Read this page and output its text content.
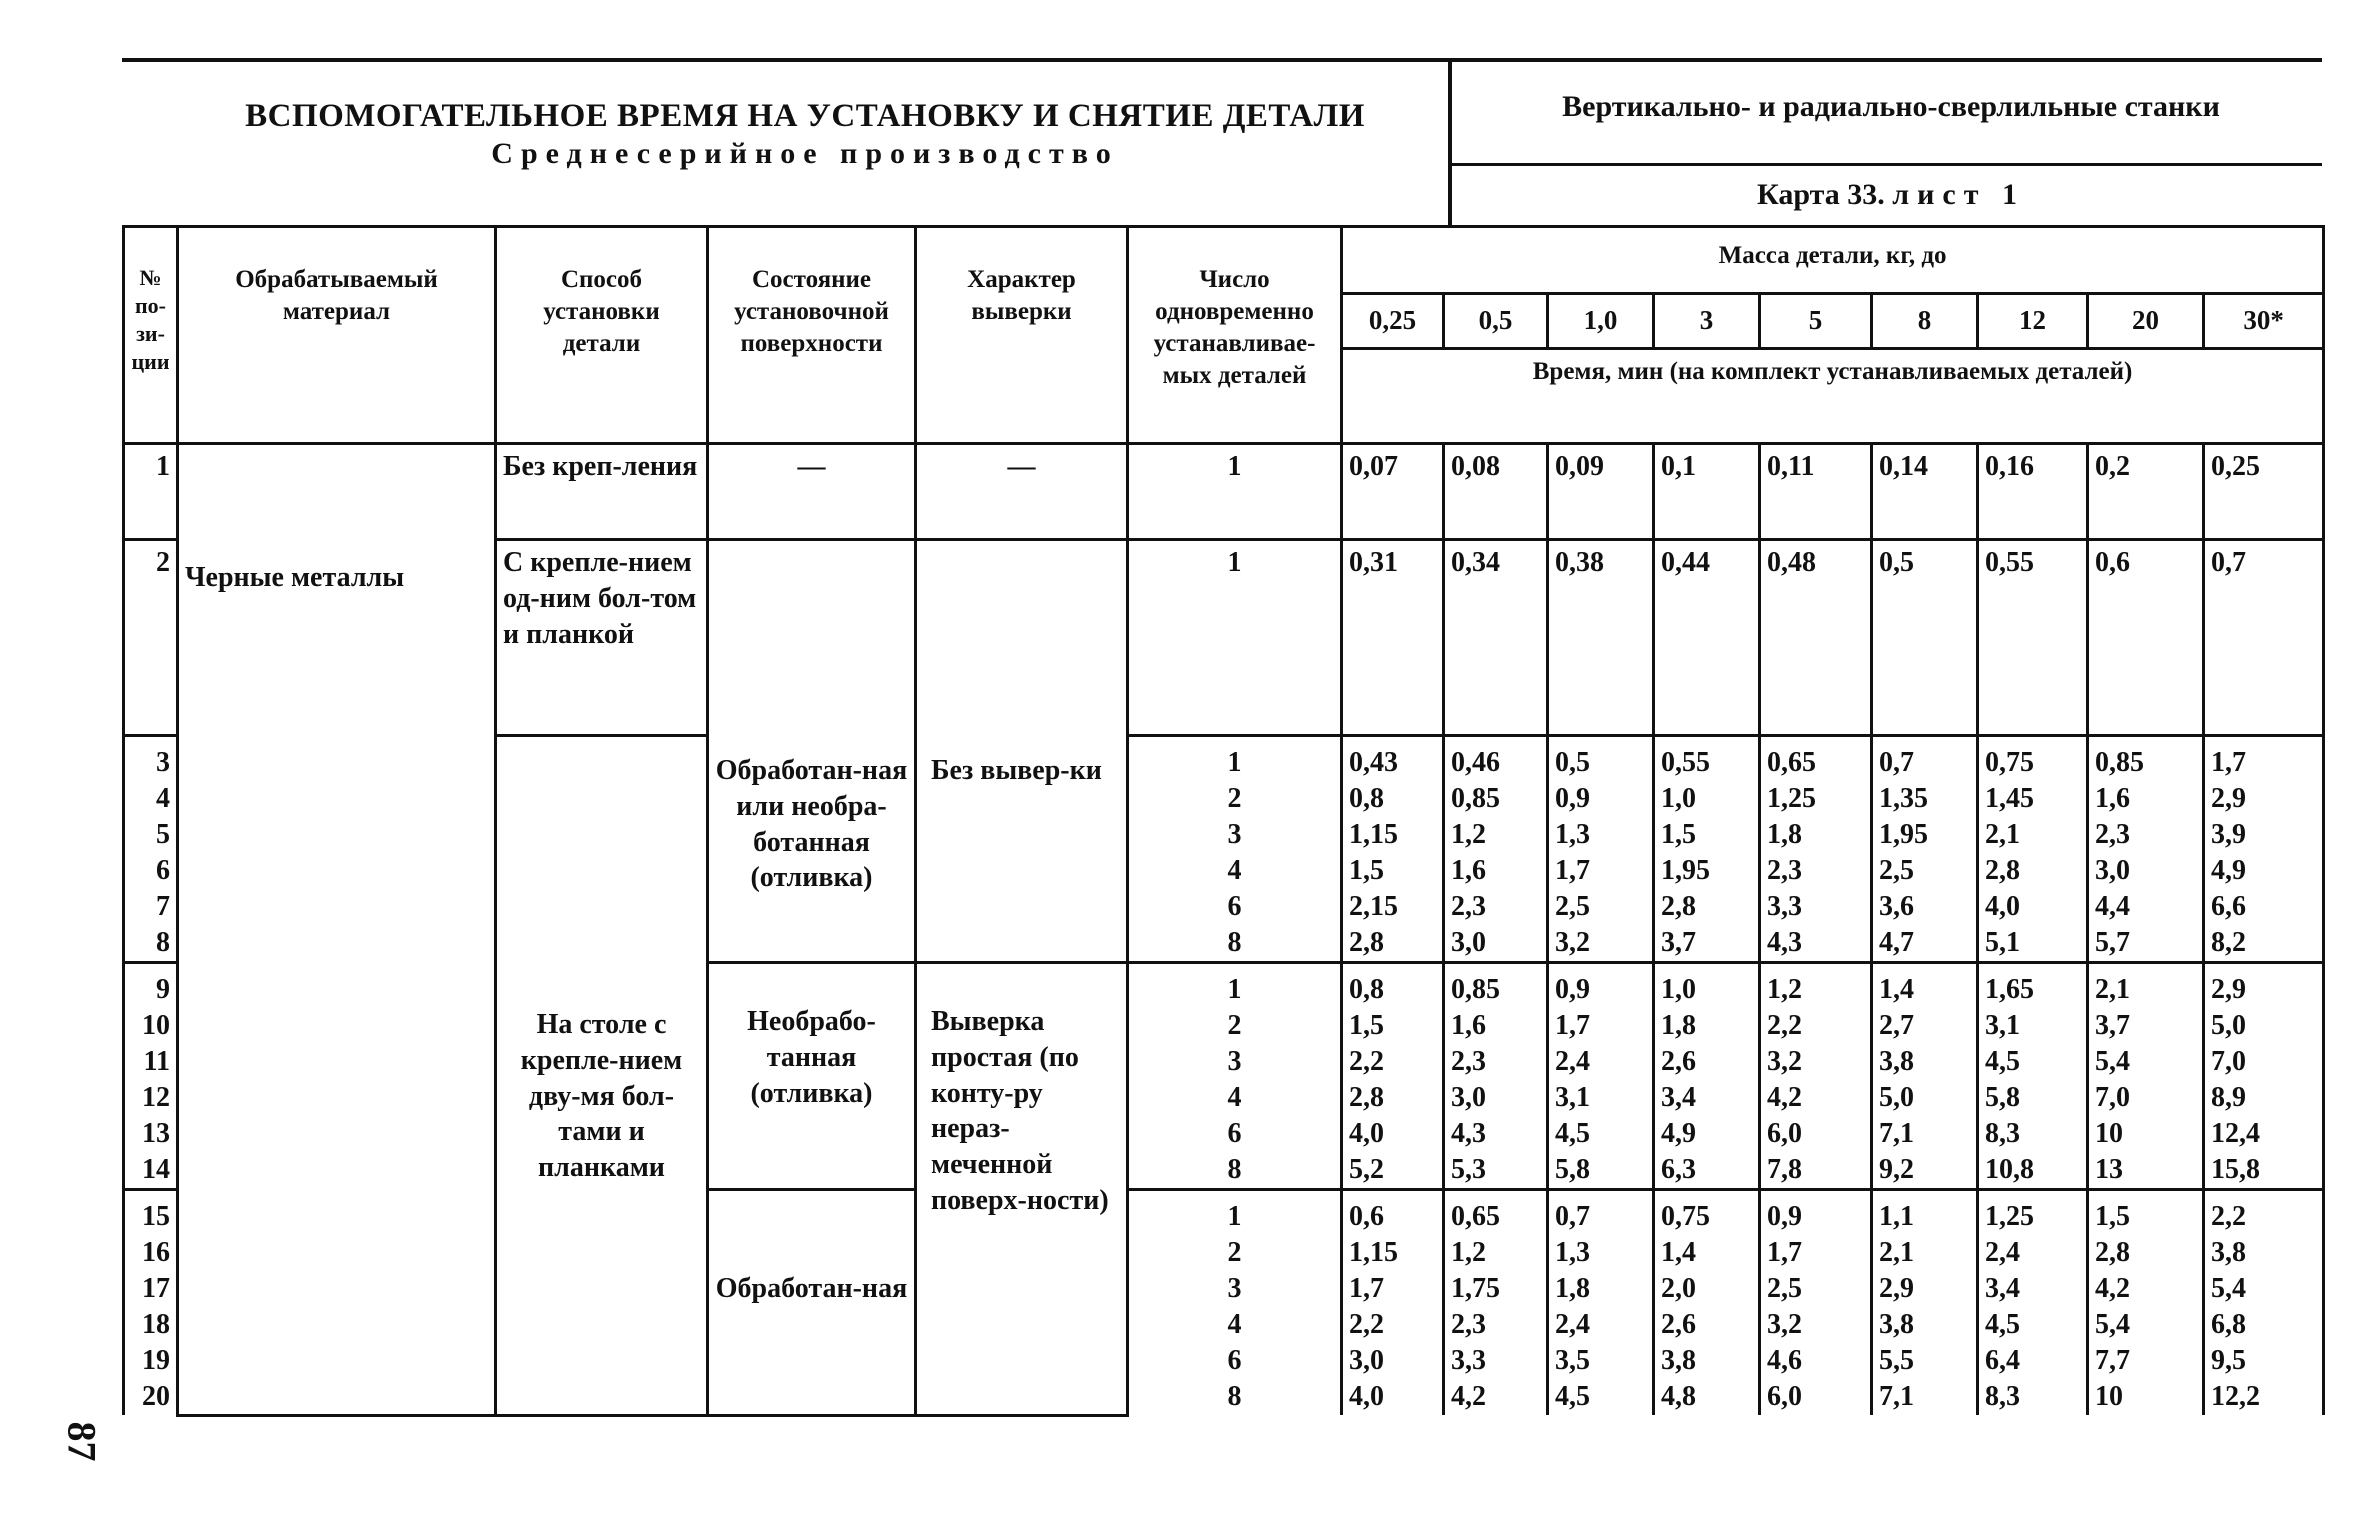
ВСПОМОГАТЕЛЬНОЕ ВРЕМЯ НА УСТАНОВКУ И СНЯТИЕ ДЕТАЛИ
Среднесерийное производство
Вертикально- и радиально-сверлильные станки
Карта 33. лист 1
87
№ по-зи-ции	Обрабатываемый материал	Способ установки детали	Состояние установочной поверхности	Характер выверки	Число одновременно устанавливае-мых деталей	Масса детали, кг, до								
						0,25	0,5	1,0	3	5	8	12	20	30*
						Время, мин (на комплект устанавливаемых деталей)								
1	Черные металлы	Без креп-ления	—	—	1	0,07	0,08	0,09	0,1	0,11	0,14	0,16	0,2	0,25
2		С крепле-нием од-ним бол-том и планкой	Обработан-ная или необра-ботанная (отливка)	Без вывер-ки	1	0,31	0,34	0,38	0,44	0,48	0,5	0,55	0,6	0,7
3		На столе с крепле-нием дву-мя бол-тами и планками			1	0,43	0,46	0,5	0,55	0,65	0,7	0,75	0,85	1,7
4					2	0,8	0,85	0,9	1,0	1,25	1,35	1,45	1,6	2,9
5					3	1,15	1,2	1,3	1,5	1,8	1,95	2,1	2,3	3,9
6					4	1,5	1,6	1,7	1,95	2,3	2,5	2,8	3,0	4,9
7					6	2,15	2,3	2,5	2,8	3,3	3,6	4,0	4,4	6,6
8					8	2,8	3,0	3,2	3,7	4,3	4,7	5,1	5,7	8,2
9			Необрабо-танная (отливка)	Выверка простая (по конту-ру нераз-меченной поверх-ности)	1	0,8	0,85	0,9	1,0	1,2	1,4	1,65	2,1	2,9
10					2	1,5	1,6	1,7	1,8	2,2	2,7	3,1	3,7	5,0
11					3	2,2	2,3	2,4	2,6	3,2	3,8	4,5	5,4	7,0
12					4	2,8	3,0	3,1	3,4	4,2	5,0	5,8	7,0	8,9
13					6	4,0	4,3	4,5	4,9	6,0	7,1	8,3	10	12,4
14					8	5,2	5,3	5,8	6,3	7,8	9,2	10,8	13	15,8
15			Обработан-ная		1	0,6	0,65	0,7	0,75	0,9	1,1	1,25	1,5	2,2
16					2	1,15	1,2	1,3	1,4	1,7	2,1	2,4	2,8	3,8
17					3	1,7	1,75	1,8	2,0	2,5	2,9	3,4	4,2	5,4
18					4	2,2	2,3	2,4	2,6	3,2	3,8	4,5	5,4	6,8
19					6	3,0	3,3	3,5	3,8	4,6	5,5	6,4	7,7	9,5
20					8	4,0	4,2	4,5	4,8	6,0	7,1	8,3	10	12,2
